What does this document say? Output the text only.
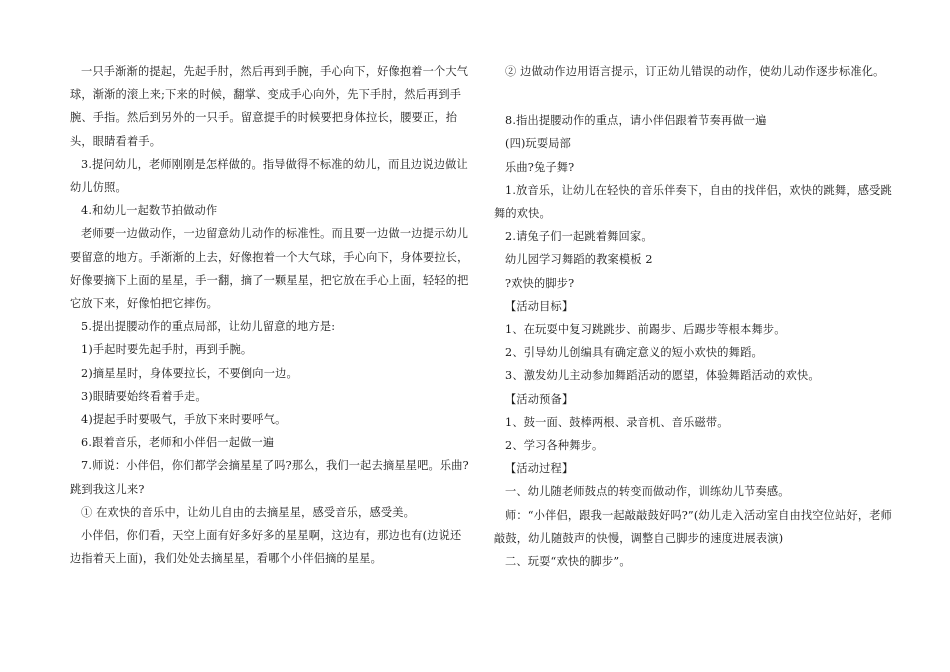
一只手渐渐的提起，先起手肘，然后再到手腕，手心向下，好像抱着一个大气球，渐渐的滚上来;下来的时候，翻掌、变成手心向外，先下手肘，然后再到手腕、手指。然后到另外的一只手。留意提手的时候要把身体拉长，腰要正，抬头，眼睛看着手。

3.提问幼儿，老师刚刚是怎样做的。指导做得不标准的幼儿，而且边说边做让幼儿仿照。

4.和幼儿一起数节拍做动作

老师要一边做动作，一边留意幼儿动作的标准性。而且要一边做一边提示幼儿要留意的地方。手渐渐的上去，好像抱着一个大气球，手心向下，身体要拉长，好像要摘下上面的星星，手一翻，摘了一颗星星，把它放在手心上面，轻轻的把它放下来，好像怕把它摔伤。

5.提出提腰动作的重点局部，让幼儿留意的地方是:

1)手起时要先起手肘，再到手腕。

2)摘星星时，身体要拉长，不要倒向一边。

3)眼睛要始终看着手走。

4)提起手时要吸气，手放下来时要呼气。

6.跟着音乐，老师和小伴侣一起做一遍

7.师说：小伴侣，你们都学会摘星星了吗?那么，我们一起去摘星星吧。乐曲?跳到我这儿来?

① 在欢快的音乐中，让幼儿自由的去摘星星，感受音乐，感受美。

小伴侣，你们看，天空上面有好多好多的星星啊，这边有，那边也有(边说还边指着天上面)，我们处处去摘星星，看哪个小伴侣摘的星星。

② 边做动作边用语言提示，订正幼儿错误的动作，使幼儿动作逐步标准化。

8.指出提腰动作的重点，请小伴侣跟着节奏再做一遍

(四)玩耍局部

乐曲?兔子舞?

1.放音乐，让幼儿在轻快的音乐伴奏下，自由的找伴侣，欢快的跳舞，感受跳舞的欢快。

2.请兔子们一起跳着舞回家。

幼儿园学习舞蹈的教案模板 2

?欢快的脚步?

【活动目标】

1、在玩耍中复习跳跳步、前踢步、后踢步等根本舞步。

2、引导幼儿创编具有确定意义的短小欢快的舞蹈。

3、激发幼儿主动参加舞蹈活动的愿望，体验舞蹈活动的欢快。

【活动预备】

1、鼓一面、鼓棒两根、录音机、音乐磁带。

2、学习各种舞步。

【活动过程】

一、幼儿随老师鼓点的转变而做动作，训练幼儿节奏感。

师：“小伴侣，跟我一起敲敲鼓好吗?”(幼儿走入活动室自由找空位站好，老师敲鼓，幼儿随鼓声的快慢，调整自己脚步的速度进展表演)

二、玩耍“欢快的脚步”。
